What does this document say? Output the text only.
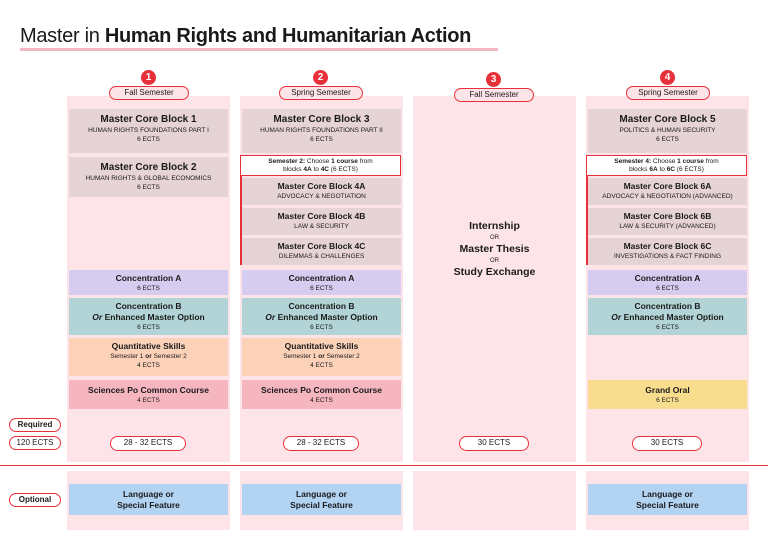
Master in Human Rights and Humanitarian Action
1
Fall Semester
2
Spring Semester
3
Fall Semester
4
Spring Semester
Master Core Block 1
HUMAN RIGHTS FOUNDATIONS PART I
6 ECTS
Master Core Block 2
HUMAN RIGHTS & GLOBAL ECONOMICS
6 ECTS
Concentration A
6 ECTS
Concentration B
Or Enhanced Master Option
6 ECTS
Quantitative Skills
Semester 1 or Semester 2
4 ECTS
Sciences Po Common Course
4 ECTS
28 - 32 ECTS
Master Core Block 3
HUMAN RIGHTS FOUNDATIONS PART II
6 ECTS
Semester 2: Choose 1 course from
blocks 4A to 4C (6 ECTS)
Master Core Block 4A
ADVOCACY & NEGOTIATION
Master Core Block 4B
LAW & SECURITY
Master Core Block 4C
DILEMMAS & CHALLENGES
Concentration A
6 ECTS
Concentration B
Or Enhanced Master Option
6 ECTS
Quantitative Skills
Semester 1 or Semester 2
4 ECTS
Sciences Po Common Course
4 ECTS
28 - 32 ECTS
Internship
OR
Master Thesis
OR
Study Exchange
30 ECTS
Master Core Block 5
POLITICS & HUMAN SECURITY
6 ECTS
Semester 4: Choose 1 course from
blocks 6A to 6C (6 ECTS)
Master Core Block 6A
ADVOCACY & NEGOTIATION (ADVANCED)
Master Core Block 6B
LAW & SECURITY (ADVANCED)
Master Core Block 6C
INVESTIGATIONS & FACT FINDING
Concentration A
6 ECTS
Concentration B
Or Enhanced Master Option
6 ECTS
Grand Oral
6 ECTS
30 ECTS
Required
120 ECTS
Optional
Language or
Special Feature
Language or
Special Feature
Language or
Special Feature
